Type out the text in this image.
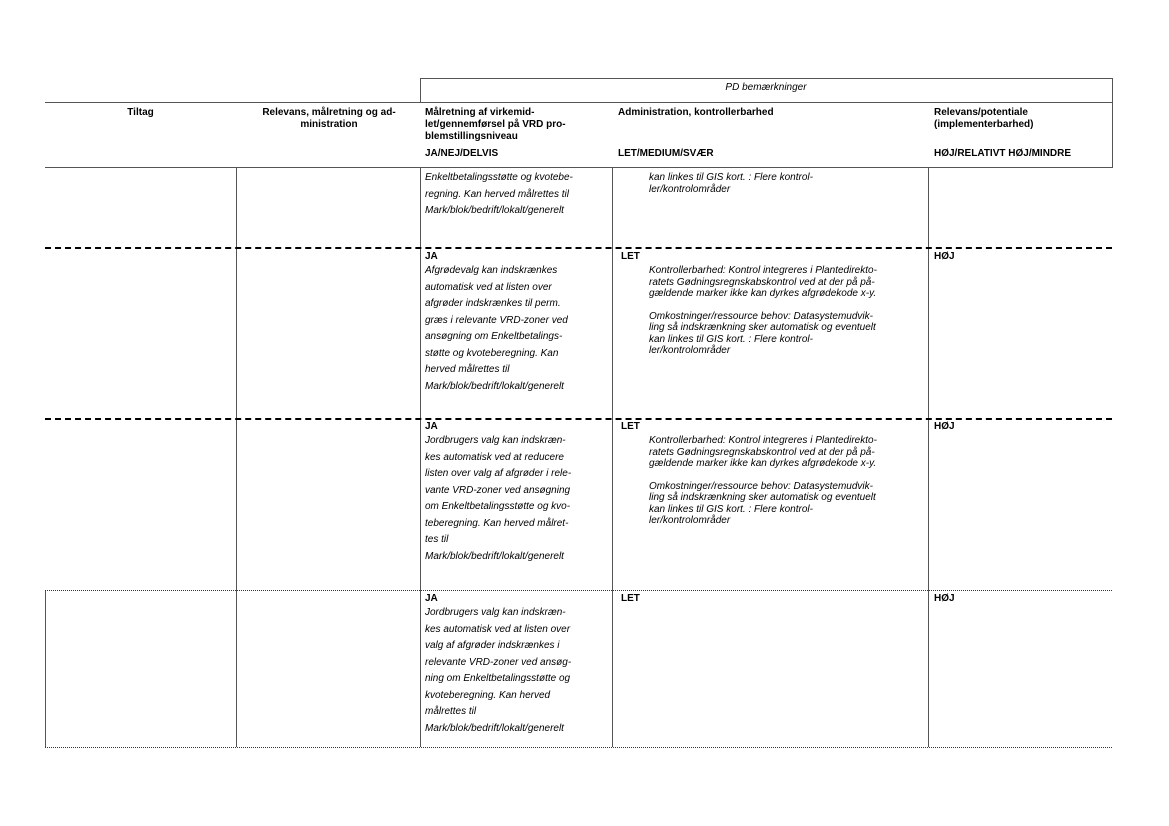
PD bemærkninger
Tiltag	Relevans, målretning og ad-
ministration
Målretning af virkemid-
let/gennemførsel på VRD pro-
blemstillingsniveau
JA/NEJ/DELVIS
Administration, kontrollerbarhed
LET/MEDIUM/SVÆR
Relevans/potentiale
(implementerbarhed)
HØJ/RELATIVT HØJ/MINDRE
Enkeltbetalingsstøtte og kvotebe-
regning. Kan herved målrettes til
Mark/blok/bedrift/lokalt/generelt
kan linkes til GIS kort. : Flere kontrol-
ler/kontrolområder
JA
Afgrødevalg kan indskrænkes
automatisk ved at listen over
afgrøder indskrænkes til perm.
græs i relevante VRD-zoner ved
ansøgning om Enkeltbetalings-
støtte og kvoteberegning. Kan
herved målrettes til
Mark/blok/bedrift/lokalt/generelt
LET
Kontrollerbarhed: Kontrol integreres i Plantedirekto-
ratets Gødningsregnskabskontrol ved at der på på-
gældende marker ikke kan dyrkes afgrødekode x-y.
Omkostninger/ressource behov: Datasystemudvik-
ling så indskrænkning sker automatisk og eventuelt
kan linkes til GIS kort. : Flere kontrol-
ler/kontrolområder
HØJ
JA
Jordbrugers valg kan indskræn-
kes automatisk ved at reducere
listen over valg af afgrøder i rele-
vante VRD-zoner ved ansøgning
om Enkeltbetalingsstøtte og kvo-
teberegning. Kan herved målret-
tes til
Mark/blok/bedrift/lokalt/generelt
LET
Kontrollerbarhed: Kontrol integreres i Plantedirekto-
ratets Gødningsregnskabskontrol ved at der på på-
gældende marker ikke kan dyrkes afgrødekode x-y.
Omkostninger/ressource behov: Datasystemudvik-
ling så indskrænkning sker automatisk og eventuelt
kan linkes til GIS kort. : Flere kontrol-
ler/kontrolområder
HØJ
JA
Jordbrugers valg kan indskræn-
kes automatisk ved at listen over
valg af afgrøder indskrænkes i
relevante VRD-zoner ved ansøg-
ning om Enkeltbetalingsstøtte og
kvoteberegning. Kan herved
målrettes til
Mark/blok/bedrift/lokalt/generelt
LET	HØJ
